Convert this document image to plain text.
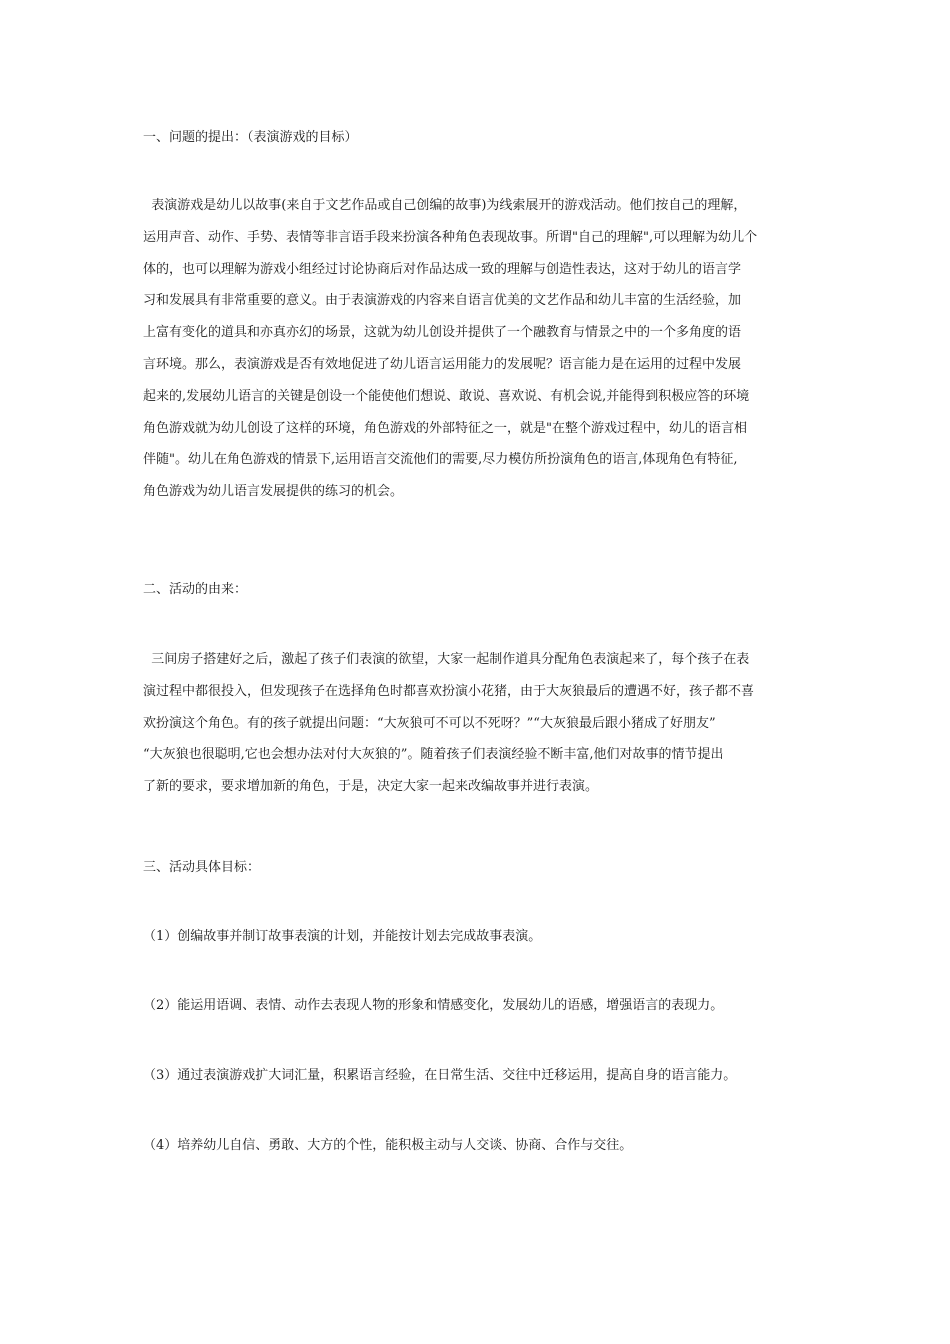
一、问题的提出：（表演游戏的目标）
表演游戏是幼儿以故事(来自于文艺作品或自己创编的故事)为线索展开的游戏活动。他们按自己的理解，
运用声音、动作、手势、表情等非言语手段来扮演各种角色表现故事。所谓"自己的理解",可以理解为幼儿个
体的，也可以理解为游戏小组经过讨论协商后对作品达成一致的理解与创造性表达，这对于幼儿的语言学
习和发展具有非常重要的意义。由于表演游戏的内容来自语言优美的文艺作品和幼儿丰富的生活经验，加
上富有变化的道具和亦真亦幻的场景，这就为幼儿创设并提供了一个融教育与情景之中的一个多角度的语
言环境。那么，表演游戏是否有效地促进了幼儿语言运用能力的发展呢？语言能力是在运用的过程中发展
起来的,发展幼儿语言的关键是创设一个能使他们想说、敢说、喜欢说、有机会说,并能得到积极应答的环境
角色游戏就为幼儿创设了这样的环境，角色游戏的外部特征之一，就是"在整个游戏过程中，幼儿的语言相
伴随"。幼儿在角色游戏的情景下,运用语言交流他们的需要,尽力模仿所扮演角色的语言,体现角色有特征,
角色游戏为幼儿语言发展提供的练习的机会。
二、活动的由来：
三间房子搭建好之后，激起了孩子们表演的欲望，大家一起制作道具分配角色表演起来了，每个孩子在表
演过程中都很投入，但发现孩子在选择角色时都喜欢扮演小花猪，由于大灰狼最后的遭遇不好，孩子都不喜
欢扮演这个角色。有的孩子就提出问题：“大灰狼可不可以不死呀？”“大灰狼最后跟小猪成了好朋友”
“大灰狼也很聪明,它也会想办法对付大灰狼的”。随着孩子们表演经验不断丰富,他们对故事的情节提出
了新的要求，要求增加新的角色，于是，决定大家一起来改编故事并进行表演。
三、活动具体目标：
（1）创编故事并制订故事表演的计划，并能按计划去完成故事表演。
（2）能运用语调、表情、动作去表现人物的形象和情感变化，发展幼儿的语感，增强语言的表现力。
（3）通过表演游戏扩大词汇量，积累语言经验，在日常生活、交往中迁移运用，提高自身的语言能力。
（4）培养幼儿自信、勇敢、大方的个性，能积极主动与人交谈、协商、合作与交往。
